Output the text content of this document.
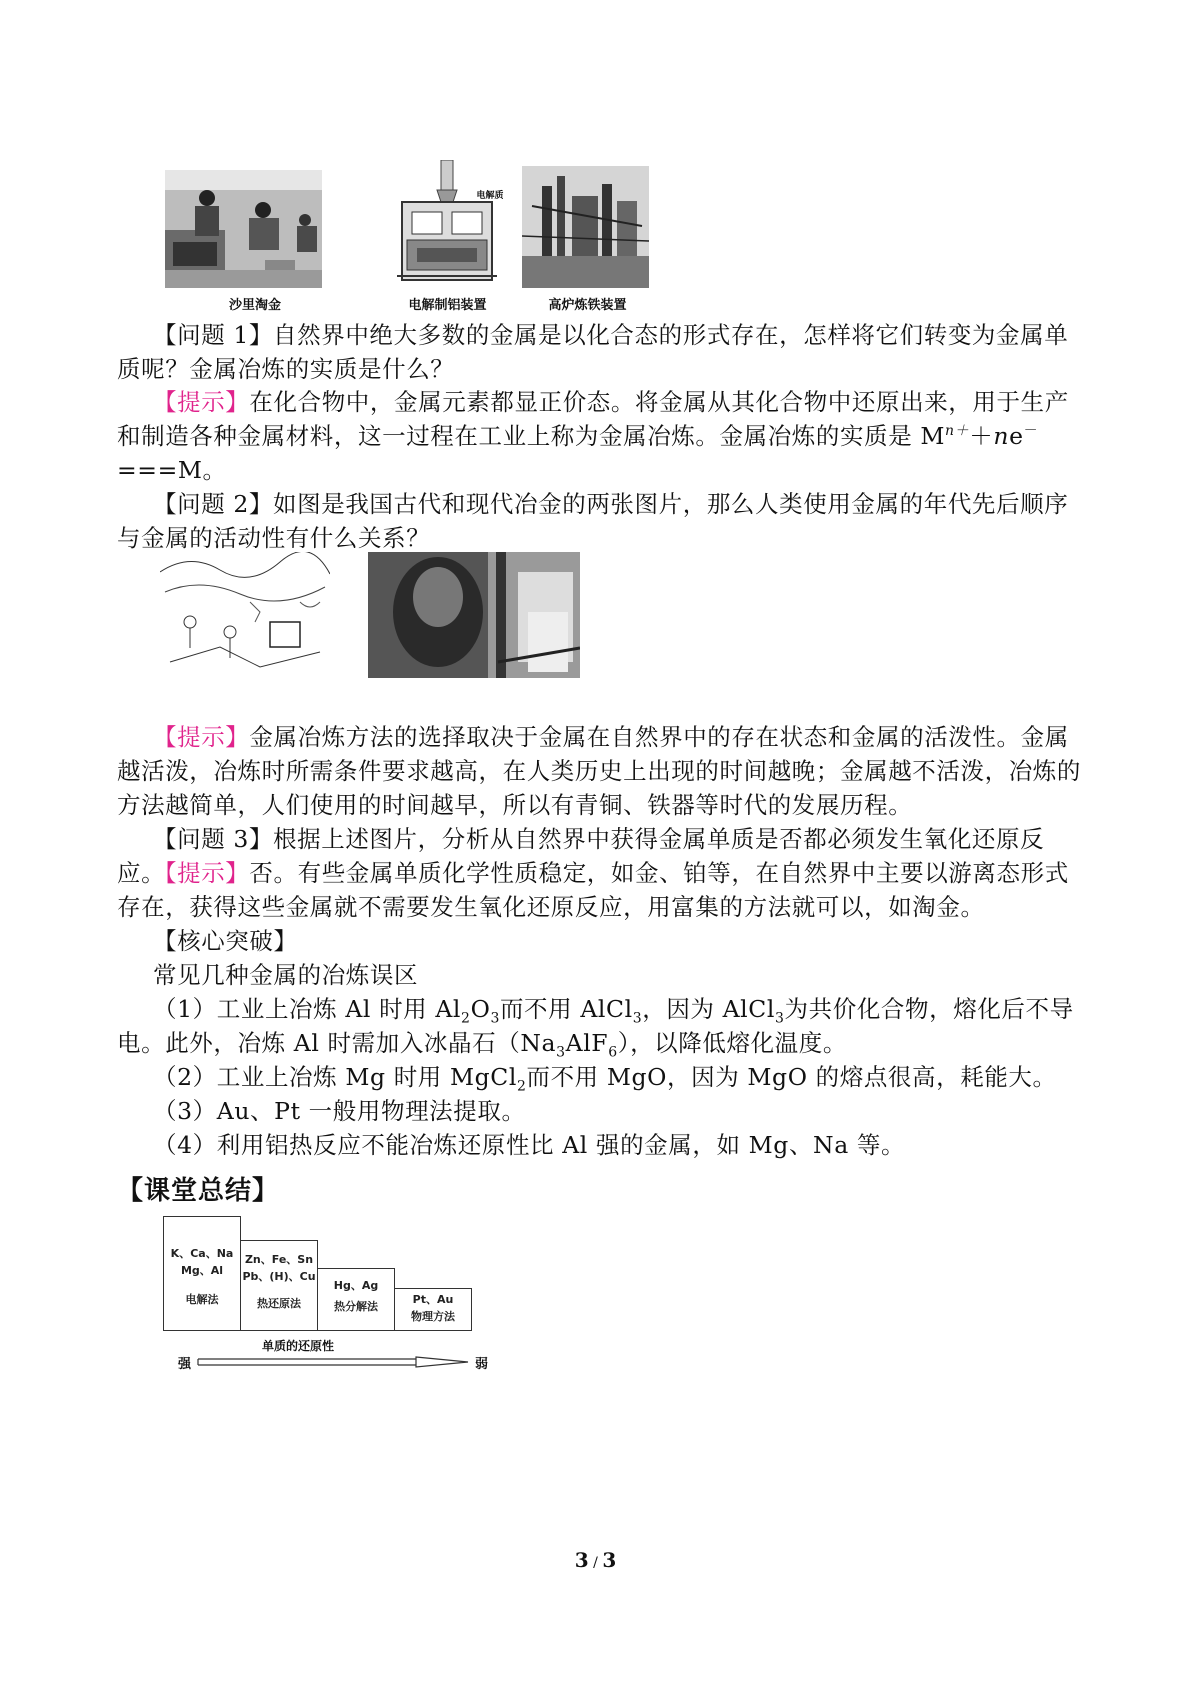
沙里淘金
电解质
电解制铝装置	高炉炼铁装置

【问题 1】自然界中绝大多数的金属是以化合态的形式存在，怎样将它们转变为金属单质呢？金属冶炼的实质是什么？

【提示】在化合物中，金属元素都显正价态。将金属从其化合物中还原出来，用于生产和制造各种金属材料，这一过程在工业上称为金属冶炼。金属冶炼的实质是 $M^{n+}+ne^-$
===M。

【问题 2】如图是我国古代和现代冶金的两张图片，那么人类使用金属的年代先后顺序与金属的活动性有什么关系？

【提示】金属冶炼方法的选择取决于金属在自然界中的存在状态和金属的活泼性。金属越活泼，冶炼时所需条件要求越高，在人类历史上出现的时间越晚；金属越不活泼，冶炼的方法越简单，人们使用的时间越早，所以有青铜、铁器等时代的发展历程。

【问题 3】根据上述图片，分析从自然界中获得金属单质是否都必须发生氧化还原反应。

【提示】否。有些金属单质化学性质稳定，如金、铂等，在自然界中主要以游离态形式存在，获得这些金属就不需要发生氧化还原反应，用富集的方法就可以，如淘金。

【核心突破】

常见几种金属的冶炼误区

（1）工业上冶炼 Al 时用 $Al_2O_3$而不用 AlCl$_3$，因为 AlCl$_3$为共价化合物，熔化后不导电。此外，冶炼 Al 时需加入冰晶石$(Na_3AlF_6)$，以降低熔化温度。

（2）工业上冶炼 Mg 时用 MgCl$_2$而不用 MgO，因为 MgO 的熔点很高，耗能大。

（3）Au、Pt 一般用物理法提取。

（4）利用铝热反应不能冶炼还原性比 Al 强的金属，如 Mg、Na 等。

【课堂总结】
K、Ca、Na
Mg、Al
电解法
Zn、Fe、Sn
Pb、(H)、Cu
热还原法
Hg、Ag
热分解法
Pt、Au
物理方法
单质的还原性
强	弱
3 / 3
